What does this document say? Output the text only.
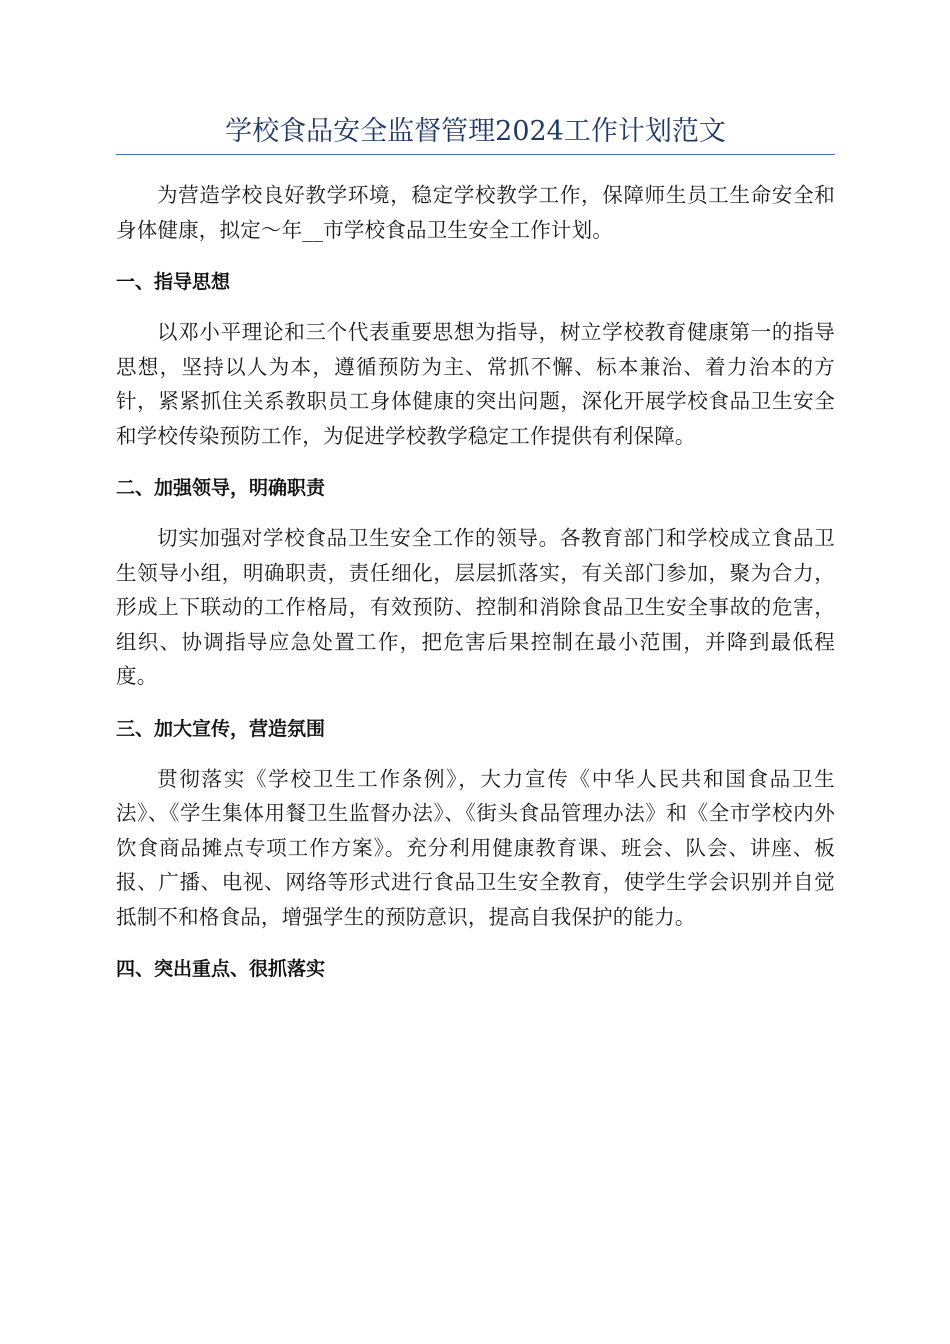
学校食品安全监督管理2024工作计划范文

为营造学校良好教学环境，稳定学校教学工作，保障师生员工生命安全和身体健康，拟定～年__市学校食品卫生安全工作计划。

一、指导思想

以邓小平理论和三个代表重要思想为指导，树立学校教育健康第一的指导思想，坚持以人为本，遵循预防为主、常抓不懈、标本兼治、着力治本的方针，紧紧抓住关系教职员工身体健康的突出问题，深化开展学校食品卫生安全和学校传染预防工作，为促进学校教学稳定工作提供有利保障。

二、加强领导，明确职责

切实加强对学校食品卫生安全工作的领导。各教育部门和学校成立食品卫生领导小组，明确职责，责任细化，层层抓落实，有关部门参加，聚为合力，形成上下联动的工作格局，有效预防、控制和消除食品卫生安全事故的危害，组织、协调指导应急处置工作，把危害后果控制在最小范围，并降到最低程度。

三、加大宣传，营造氛围

贯彻落实《学校卫生工作条例》，大力宣传《中华人民共和国食品卫生法》、《学生集体用餐卫生监督办法》、《街头食品管理办法》和《全市学校内外饮食商品摊点专项工作方案》。充分利用健康教育课、班会、队会、讲座、板报、广播、电视、网络等形式进行食品卫生安全教育，使学生学会识别并自觉抵制不和格食品，增强学生的预防意识，提高自我保护的能力。

四、突出重点、很抓落实
